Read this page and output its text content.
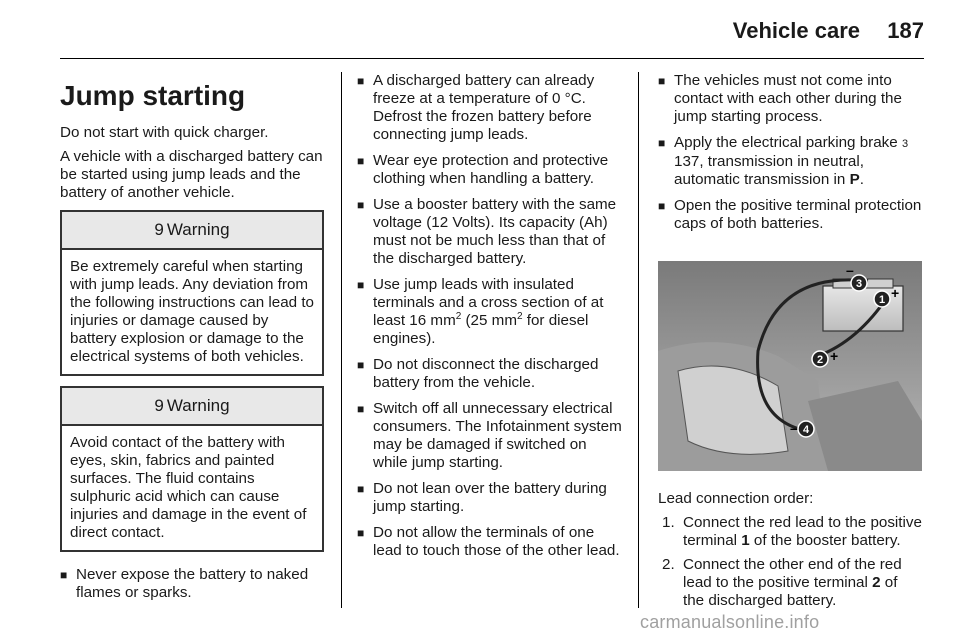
Vehicle care	187
Jump starting

Do not start with quick charger.

A vehicle with a discharged battery can be started using jump leads and the battery of another vehicle.

9 Warning
Be extremely careful when starting with jump leads. Any deviation from the following instructions can lead to injuries or damage caused by battery explosion or damage to the electrical systems of both vehicles.
9 Warning
Avoid contact of the battery with eyes, skin, fabrics and painted surfaces. The fluid contains sulphuric acid which can cause injuries and damage in the event of direct contact.
■ Never expose the battery to naked flames or sparks.
■ A discharged battery can already freeze at a temperature of 0 °C. Defrost the frozen battery before connecting jump leads.
■ Wear eye protection and protective clothing when handling a battery.
■ Use a booster battery with the same voltage (12 Volts). Its capacity (Ah) must not be much less than that of the discharged battery.
■ Use jump leads with insulated terminals and a cross section of at least 16 $mm^2$ (25 $mm^2$ for diesel engines).
■ Do not disconnect the discharged battery from the vehicle.
■ Switch off all unnecessary electrical consumers. The Infotainment system may be damaged if switched on while jump starting.
■ Do not lean over the battery during jump starting.
■ Do not allow the terminals of one lead to touch those of the other lead.
■ The vehicles must not come into contact with each other during the jump starting process.
■ Apply the electrical parking brake 3 137, transmission in neutral, automatic transmission in P.
■ Open the positive terminal protection caps of both batteries.
–
3
1 +
2 +
– 4

Lead connection order:

1. Connect the red lead to the positive terminal 1 of the booster battery.
2. Connect the other end of the red lead to the positive terminal 2 of the discharged battery.
carmanualsonline.info
